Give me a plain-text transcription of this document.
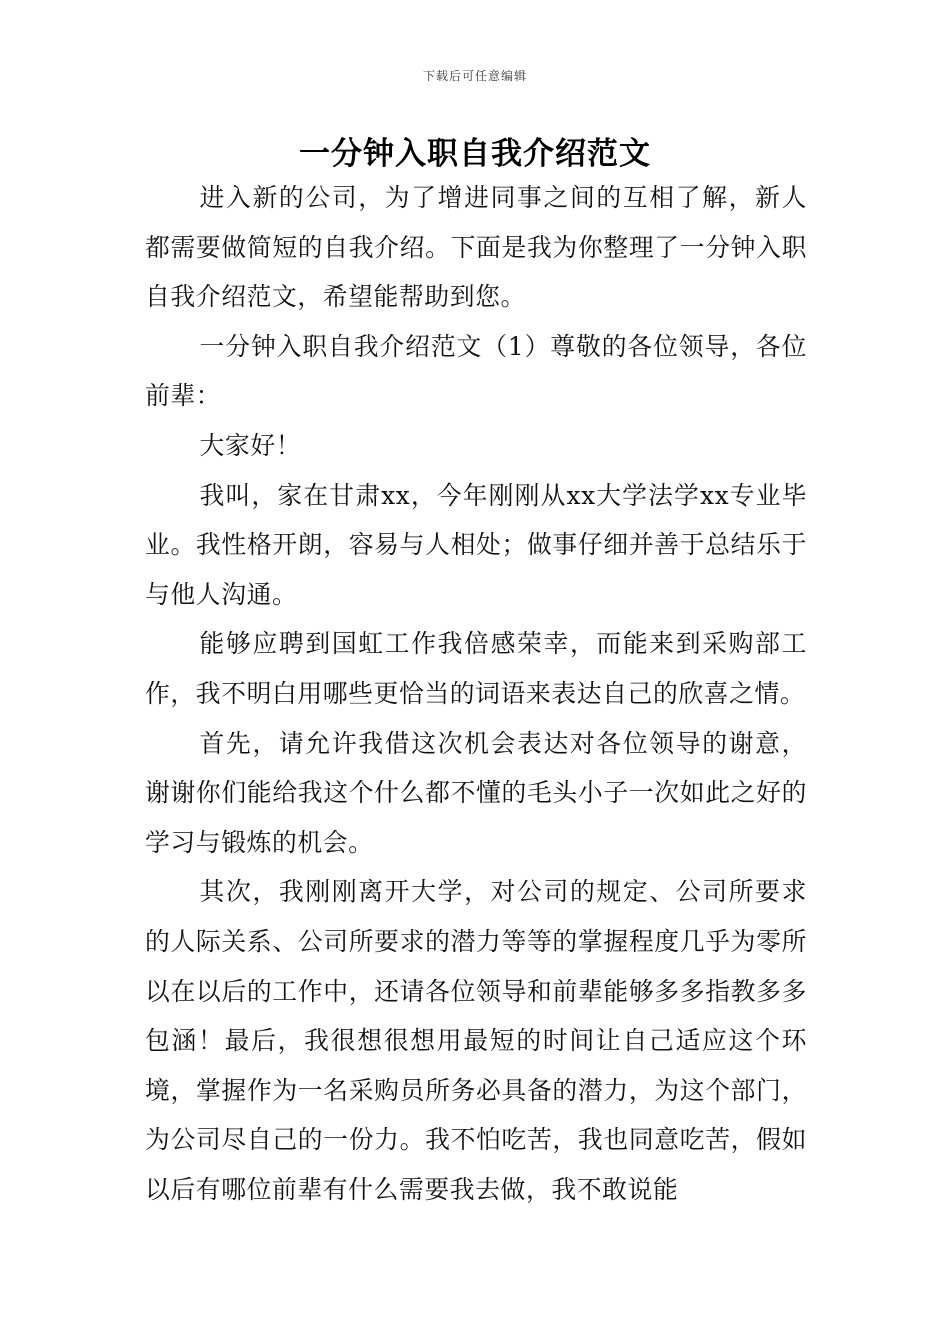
下载后可任意编辑
一分钟入职自我介绍范文

进入新的公司，为了增进同事之间的互相了解，新人都需要做简短的自我介绍。下面是我为你整理了一分钟入职自我介绍范文，希望能帮助到您。

一分钟入职自我介绍范文（1）尊敬的各位领导，各位前辈：

大家好！

我叫，家在甘肃xx，今年刚刚从xx大学法学xx专业毕业。我性格开朗，容易与人相处；做事仔细并善于总结乐于与他人沟通。

能够应聘到国虹工作我倍感荣幸，而能来到采购部工作，我不明白用哪些更恰当的词语来表达自己的欣喜之情。

首先，请允许我借这次机会表达对各位领导的谢意，谢谢你们能给我这个什么都不懂的毛头小子一次如此之好的学习与锻炼的机会。

其次，我刚刚离开大学，对公司的规定、公司所要求的人际关系、公司所要求的潜力等等的掌握程度几乎为零所以在以后的工作中，还请各位领导和前辈能够多多指教多多包涵！最后，我很想很想用最短的时间让自己适应这个环境，掌握作为一名采购员所务必具备的潜力，为这个部门，为公司尽自己的一份力。我不怕吃苦，我也同意吃苦，假如以后有哪位前辈有什么需要我去做，我不敢说能
